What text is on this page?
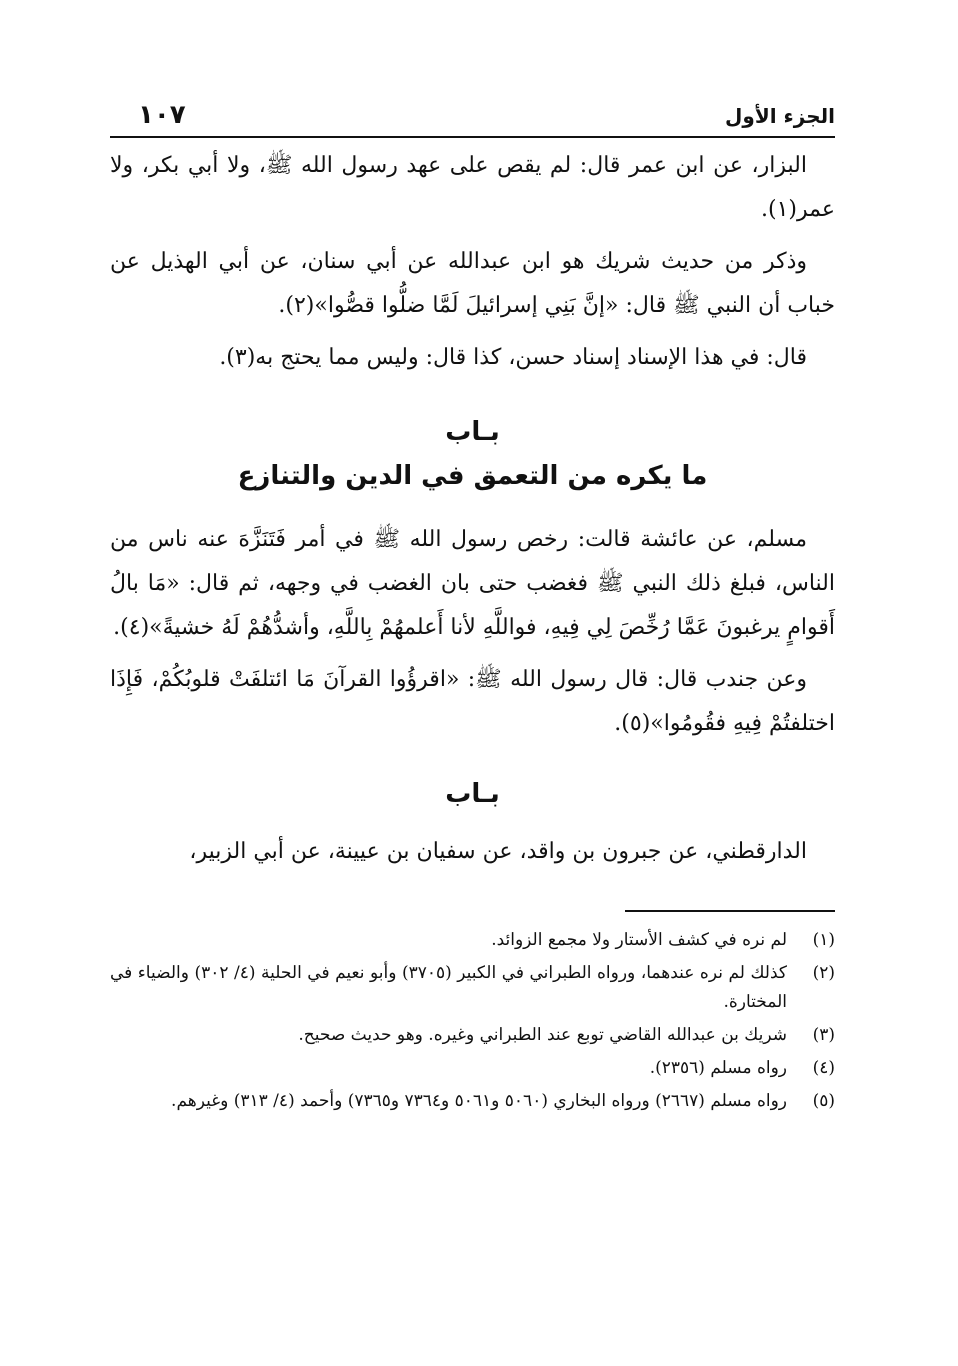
الجزء الأول
١٠٧

البزار، عن ابن عمر قال: لم يقص على عهد رسول الله ﷺ، ولا أبي بكر، ولا عمر(١).

وذكر من حديث شريك هو ابن عبدالله عن أبي سنان، عن أبي الهذيل عن خباب أن النبي ﷺ قال: «إنَّ بَنِي إسرائيلَ لَمَّا ضلُّوا قصُّوا»(٢).

قال: في هذا الإسناد إسناد حسن، كذا قال: وليس مما يحتج به(٣).

بـاب
ما يكره من التعمق في الدين والتنازع

مسلم، عن عائشة قالت: رخص رسول الله ﷺ في أمر فَتَنَزَّهَ عنه ناس من الناس، فبلغ ذلك النبي ﷺ فغضب حتى بان الغضب في وجهه، ثم قال: «مَا بالُ أَقوامٍ يرغبونَ عَمَّا رُخِّصَ لِي فِيهِ، فواللَّهِ لأنا أَعلمهُمْ بِاللَّهِ، وأشدُّهُمْ لَهُ خشيةً»(٤).

وعن جندب قال: قال رسول الله ﷺ: «اقرؤُوا القرآنَ مَا ائتلفَتْ قلوبُكُمْ، فَإِذَا اختلفتُمْ فِيهِ فقُومُوا»(٥).

بـاب

الدارقطني، عن جبرون بن واقد، عن سفيان بن عيينة، عن أبي الزبير،

(١)
لم نره في كشف الأستار ولا مجمع الزوائد.
(٢)
كذلك لم نره عندهما، ورواه الطبراني في الكبير (٣٧٠٥) وأبو نعيم في الحلية (٤/ ٣٠٢) والضياء في المختارة.
(٣)
شريك بن عبدالله القاضي توبع عند الطبراني وغيره. وهو حديث صحيح.
(٤)
رواه مسلم (٢٣٥٦).
(٥)
رواه مسلم (٢٦٦٧) ورواه البخاري (٥٠٦٠ و٥٠٦١ و٧٣٦٤ و٧٣٦٥) وأحمد (٤/ ٣١٣) وغيرهم.
